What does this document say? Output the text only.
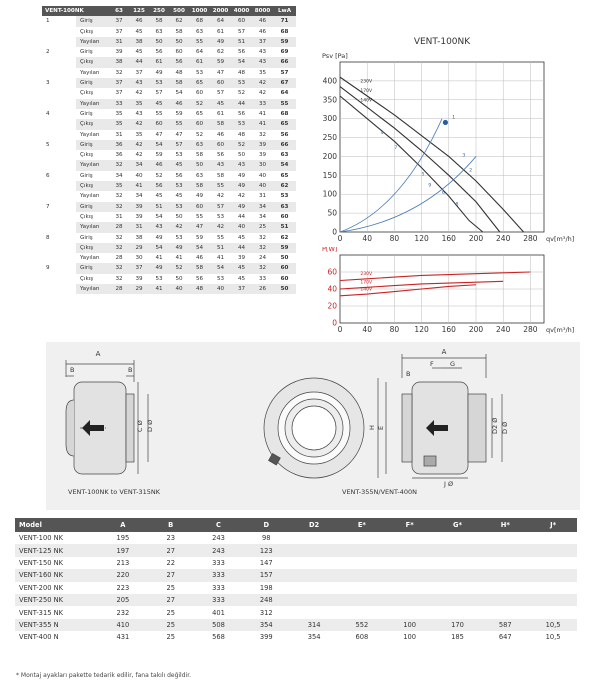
VENT-100NK		63	125	250	500	1000	2000	4000	8000	LwA
1	Giriş	37	46	58	62	68	64	60	46	71
	Çıkış	37	45	63	58	63	61	57	46	68
	Yayılan	31	38	50	50	55	49	51	37	59
2	Giriş	39	45	56	60	64	62	56	43	69
	Çıkış	38	44	61	56	61	59	54	43	66
	Yayılan	32	37	49	48	53	47	48	35	57
3	Giriş	37	43	53	58	65	60	53	42	67
	Çıkış	37	42	57	54	60	57	52	42	64
	Yayılan	33	35	45	46	52	45	44	33	55
4	Giriş	35	43	55	59	65	61	56	41	68
	Çıkış	35	42	60	55	60	58	53	41	65
	Yayılan	31	35	47	47	52	46	48	32	56
5	Giriş	36	42	54	57	63	60	52	39	66
	Çıkış	36	42	59	53	58	56	50	39	63
	Yayılan	32	34	46	45	50	43	43	30	54
6	Giriş	34	40	52	56	63	58	49	40	65
	Çıkış	35	41	56	53	58	55	49	40	62
	Yayılan	32	34	45	45	49	42	42	31	53
7	Giriş	32	39	51	53	60	57	49	34	63
	Çıkış	31	39	54	50	55	53	44	34	60
	Yayılan	28	31	43	42	47	42	40	25	51
8	Giriş	32	38	49	53	59	55	45	32	62
	Çıkış	32	29	54	49	54	51	44	32	59
	Yayılan	28	30	41	41	46	41	39	24	50
9	Giriş	32	37	49	52	58	54	45	32	60
	Çıkış	32	39	53	50	56	53	45	33	60
	Yayılan	28	29	41	40	48	40	37	26	50
0	40 80 120 160 200 240 280
0
50
100
150
200
250
300
350
400
qv[m³/h]
Psv [Pa]
VENT-100NK
230V
170V
140V
1
2
3
4
5
6
7
8
9
0	40 80 120 160 200 240 280
0
20
40
60
qv[m³/h]
P[W]
230V
170V
140V
A
B	B
C Ø D Ø
VENT-100NK to VENT-315NK
A
F	G
B
H E	D2 Ø D Ø
J Ø
VENT-355N/VENT-400N
Model	A	B	C	D	D2	E*	F*	G*	H*	J*
VENT-100 NK	195	23	243	98						
VENT-125 NK	197	27	243	123						
VENT-150 NK	213	22	333	147						
VENT-160 NK	220	27	333	157						
VENT-200 NK	223	25	333	198						
VENT-250 NK	205	27	333	248						
VENT-315 NK	232	25	401	312						
VENT-355 N	410	25	508	354	314	552	100	170	587	10,5
VENT-400 N	431	25	568	399	354	608	100	185	647	10,5
* Montaj ayakları pakette tedarik edilir, fana takılı değildir.
